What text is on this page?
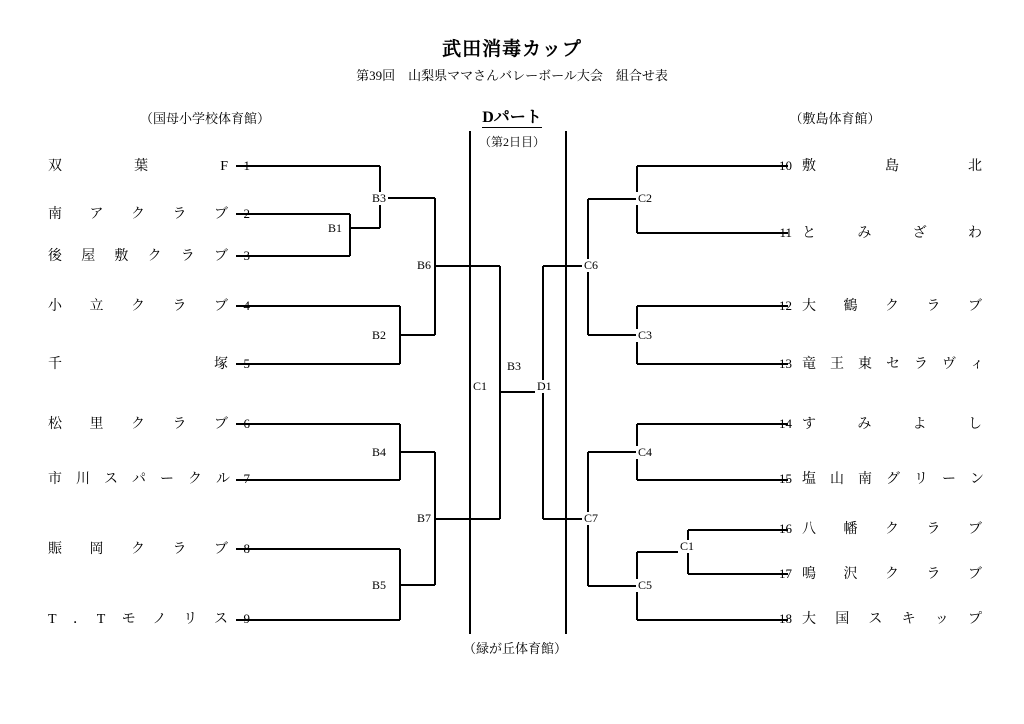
武田消毒カップ
第39回　山梨県ママさんバレーボール大会　組合せ表
Dパート
（第2日目）
（国母小学校体育館）	（敷島体育館）
（緑が丘体育館）
双　　　葉　　　F 1
南　ア　ク　ラ　ブ 2
後　屋　敷　ク　ラ　ブ 3
小　立　ク　ラ　ブ 4
千　　　　　　　塚 5
松　里　ク　ラ　ブ 6
市　川　ス　パ　ー　ク　ル 7
賑　岡　ク　ラ　ブ 8
T　．　T　モ　ノ　リ　ス 9
10 敷　　　島　　　北
11 と　　み　　ざ　　わ
12 大　鶴　ク　ラ　ブ
13 竜　王　東　セ　ラ　ヴ　ィ
14 す　　み　　よ　　し
15 塩　山　南　グ　リ　ー　ン
16 八　幡　ク　ラ　ブ
17 鳴　沢　ク　ラ　ブ
18 大　国　ス　キ　ッ　プ
B1
B3
B2
B6
B4
B5
B7
C1
B3
D1
C2
C3
C6
C4
C1
C5
C7
